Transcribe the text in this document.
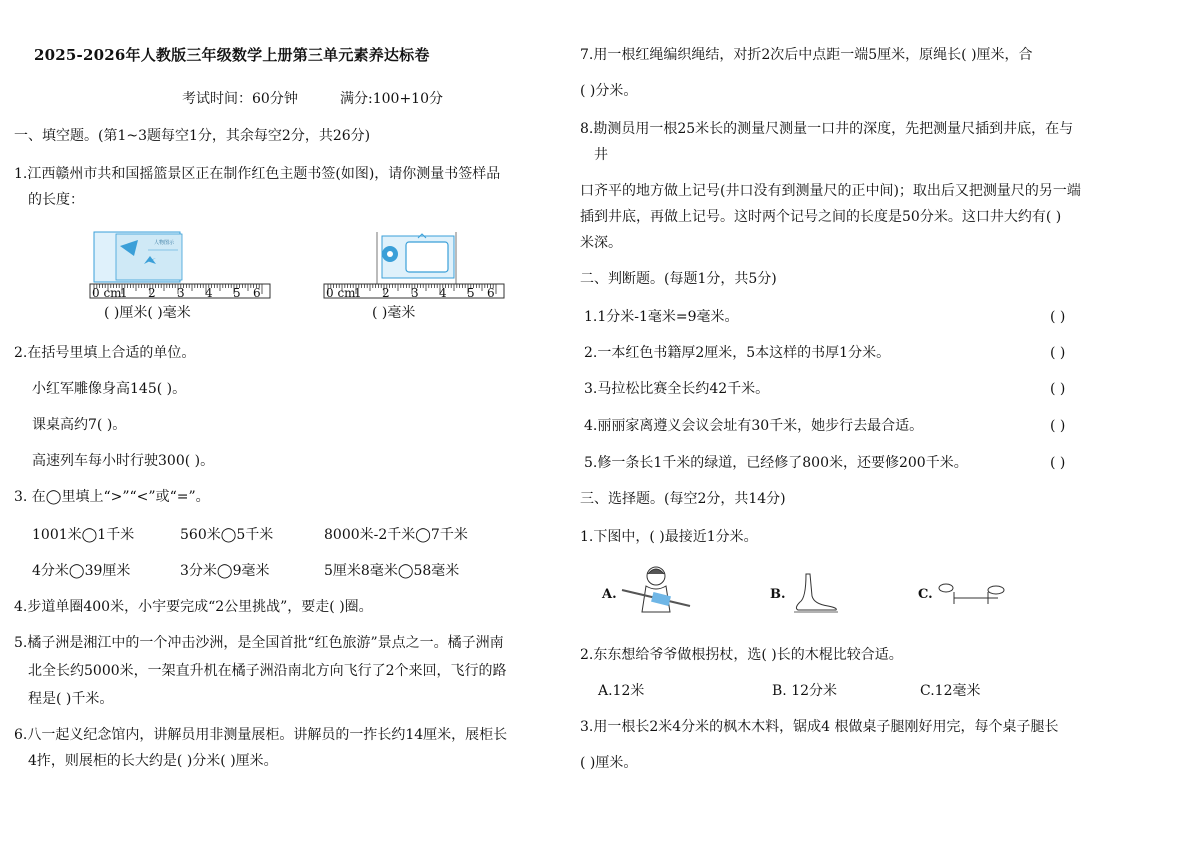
2025-2026年人教版三年级数学上册第三单元素养达标卷
考试时间：60分钟	满分:100+10分
一、填空题。(第1~3题每空1分，其余每空2分，共26分)
1.江西赣州市共和国摇篮景区正在制作红色主题书签(如图)，请你测量书签样品
的长度：
人物图示
0 cm
1 2 3 4 5 6
( )厘米( )毫米
0 cm
1 2 3 4 5 6
( )毫米
2.在括号里填上合适的单位。
小红军雕像身高145( )。
课桌高约7( )。
高速列车每小时行驶300( )。
3. 在◯里填上“>”“<”或“=”。
1001米◯1千米	560米◯5千米	8000米-2千米◯7千米
4分米◯39厘米	3分米◯9毫米	5厘米8毫米◯58毫米
4.步道单圈400米，小宇要完成“2公里挑战”，要走( )圈。
5.橘子洲是湘江中的一个冲击沙洲，是全国首批“红色旅游”景点之一。橘子洲南
北全长约5000米，一架直升机在橘子洲沿南北方向飞行了2个来回，飞行的路
程是( )千米。
6.八一起义纪念馆内，讲解员用非测量展柜。讲解员的一拃长约14厘米，展柜长
4拃，则展柜的长大约是( )分米( )厘米。
7.用一根红绳编织绳结，对折2次后中点距一端5厘米，原绳长( )厘米，合
( )分米。
8.勘测员用一根25米长的测量尺测量一口井的深度，先把测量尺插到井底，在与
井
口齐平的地方做上记号(井口没有到测量尺的正中间)；取出后又把测量尺的另一端
插到井底，再做上记号。这时两个记号之间的长度是50分米。这口井大约有( )
米深。
二、判断题。(每题1分，共5分)
1.1分米-1毫米=9毫米。	( )
2.一本红色书籍厚2厘米，5本这样的书厚1分米。	( )
3.马拉松比赛全长约42千米。	( )
4.丽丽家离遵义会议会址有30千米，她步行去最合适。	( )
5.修一条长1千米的绿道，已经修了800米，还要修200千米。	( )
三、选择题。(每空2分，共14分)
1.下图中，( )最接近1分米。
A.	B.	C.
2.东东想给爷爷做根拐杖，选( )长的木棍比较合适。
A.12米	B. 12分米	C.12毫米
3.用一根长2米4分米的枫木木料，锯成4 根做桌子腿刚好用完，每个桌子腿长
( )厘米。
